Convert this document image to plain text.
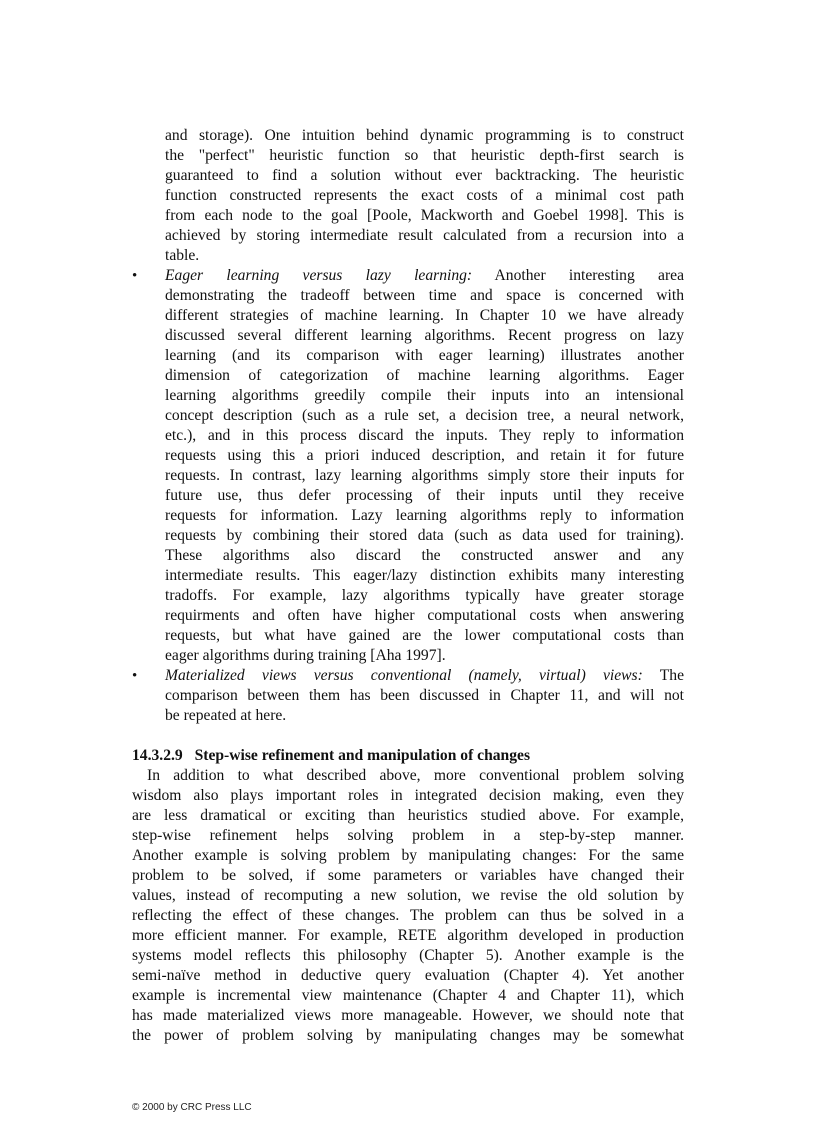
and storage). One intuition behind dynamic programming is to construct
the "perfect" heuristic function so that heuristic depth-first search is
guaranteed to find a solution without ever backtracking. The heuristic
function constructed represents the exact costs of a minimal cost path
from each node to the goal [Poole, Mackworth and Goebel 1998]. This is
achieved by storing intermediate result calculated from a recursion into a
table.
•	Eager learning versus lazy learning: Another interesting area
demonstrating the tradeoff between time and space is concerned with
different strategies of machine learning. In Chapter 10 we have already
discussed several different learning algorithms. Recent progress on lazy
learning (and its comparison with eager learning) illustrates another
dimension of categorization of machine learning algorithms. Eager
learning algorithms greedily compile their inputs into an intensional
concept description (such as a rule set, a decision tree, a neural network,
etc.), and in this process discard the inputs. They reply to information
requests using this a priori induced description, and retain it for future
requests. In contrast, lazy learning algorithms simply store their inputs for
future use, thus defer processing of their inputs until they receive
requests for information. Lazy learning algorithms reply to information
requests by combining their stored data (such as data used for training).
These algorithms also discard the constructed answer and any
intermediate results. This eager/lazy distinction exhibits many interesting
tradoffs. For example, lazy algorithms typically have greater storage
requirments and often have higher computational costs when answering
requests, but what have gained are the lower computational costs than
eager algorithms during training [Aha 1997].
•	Materialized views versus conventional (namely, virtual) views: The
comparison between them has been discussed in Chapter 11, and will not
be repeated at here.
14.3.2.9 Step-wise refinement and manipulation of changes
In addition to what described above, more conventional problem solving
wisdom also plays important roles in integrated decision making, even they
are less dramatical or exciting than heuristics studied above. For example,
step-wise refinement helps solving problem in a step-by-step manner.
Another example is solving problem by manipulating changes: For the same
problem to be solved, if some parameters or variables have changed their
values, instead of recomputing a new solution, we revise the old solution by
reflecting the effect of these changes. The problem can thus be solved in a
more efficient manner. For example, RETE algorithm developed in production
systems model reflects this philosophy (Chapter 5). Another example is the
semi-naïve method in deductive query evaluation (Chapter 4). Yet another
example is incremental view maintenance (Chapter 4 and Chapter 11), which
has made materialized views more manageable. However, we should note that
the power of problem solving by manipulating changes may be somewhat
© 2000 by CRC Press LLC
